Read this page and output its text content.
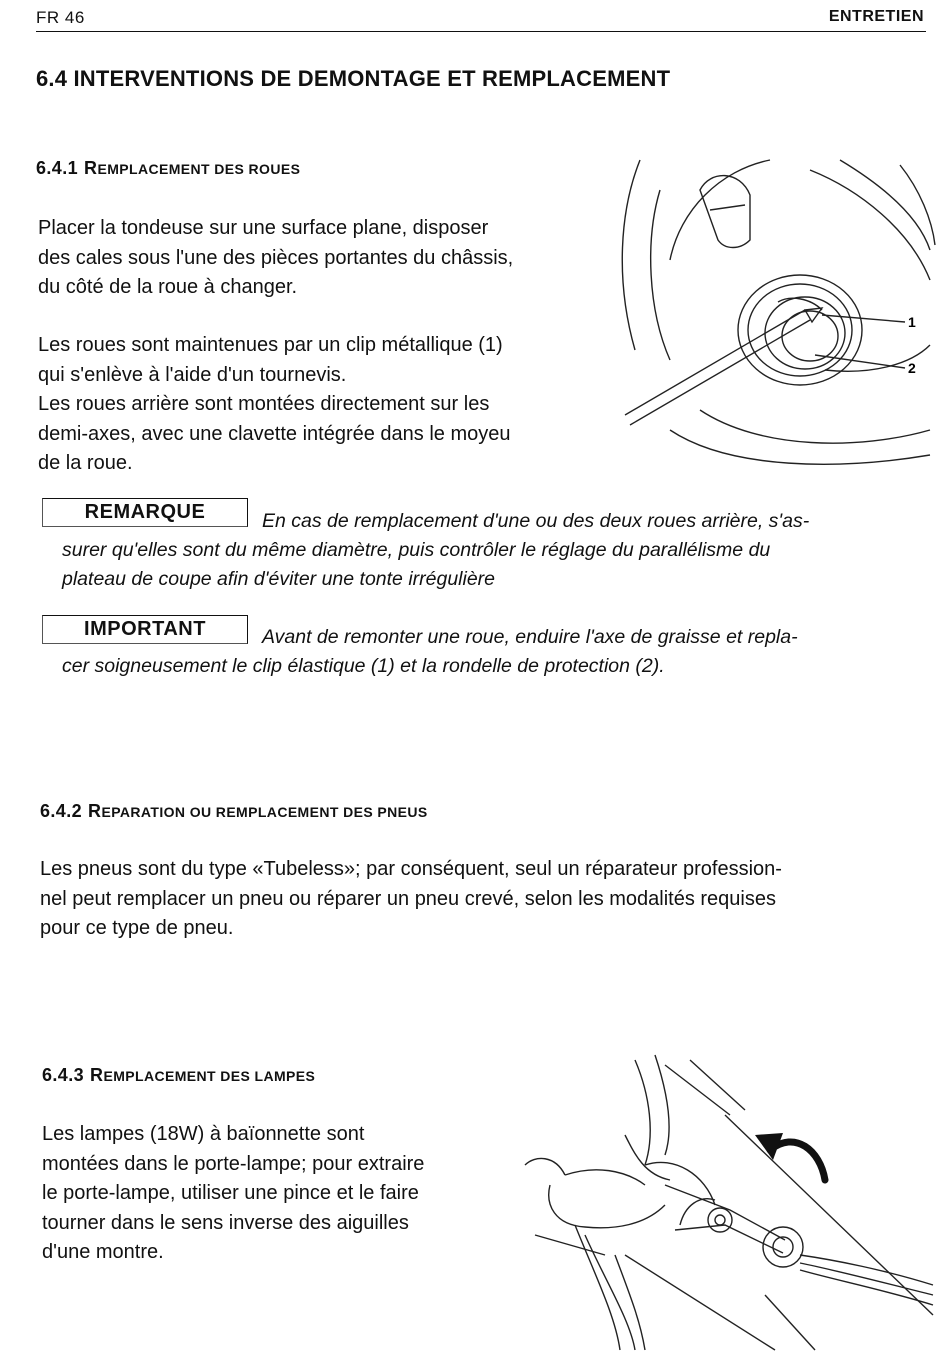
FR 46	ENTRETIEN
6.4 INTERVENTIONS DE DEMONTAGE ET REMPLACEMENT
6.4.1 REMPLACEMENT DES ROUES
Placer la tondeuse sur une surface plane, disposer
des cales sous l'une des pièces portantes du châssis,
du côté de la roue à changer.
Les roues sont maintenues par un clip métallique (1)
qui s'enlève à l'aide d'un tournevis.
Les roues arrière sont montées directement sur les
demi-axes, avec une clavette intégrée dans le moyeu
de la roue.
1
2
REMARQUE	En cas de remplacement d'une ou des deux roues arrière, s'as-
surer qu'elles sont du même diamètre, puis contrôler le réglage du parallélisme du
plateau de coupe afin d'éviter une tonte irrégulière
IMPORTANT	Avant de remonter une roue, enduire l'axe de graisse et repla-
cer soigneusement le clip élastique (1) et la rondelle de protection (2).
6.4.2 REPARATION OU REMPLACEMENT DES PNEUS
Les pneus sont du type «Tubeless»; par conséquent, seul un réparateur profession-
nel peut remplacer un pneu ou réparer un pneu crevé, selon les modalités requises
pour ce type de pneu.
6.4.3 REMPLACEMENT DES LAMPES
Les lampes (18W) à baïonnette sont
montées dans le porte-lampe; pour extraire
le porte-lampe, utiliser une pince et le faire
tourner dans le sens inverse des aiguilles
d'une montre.
